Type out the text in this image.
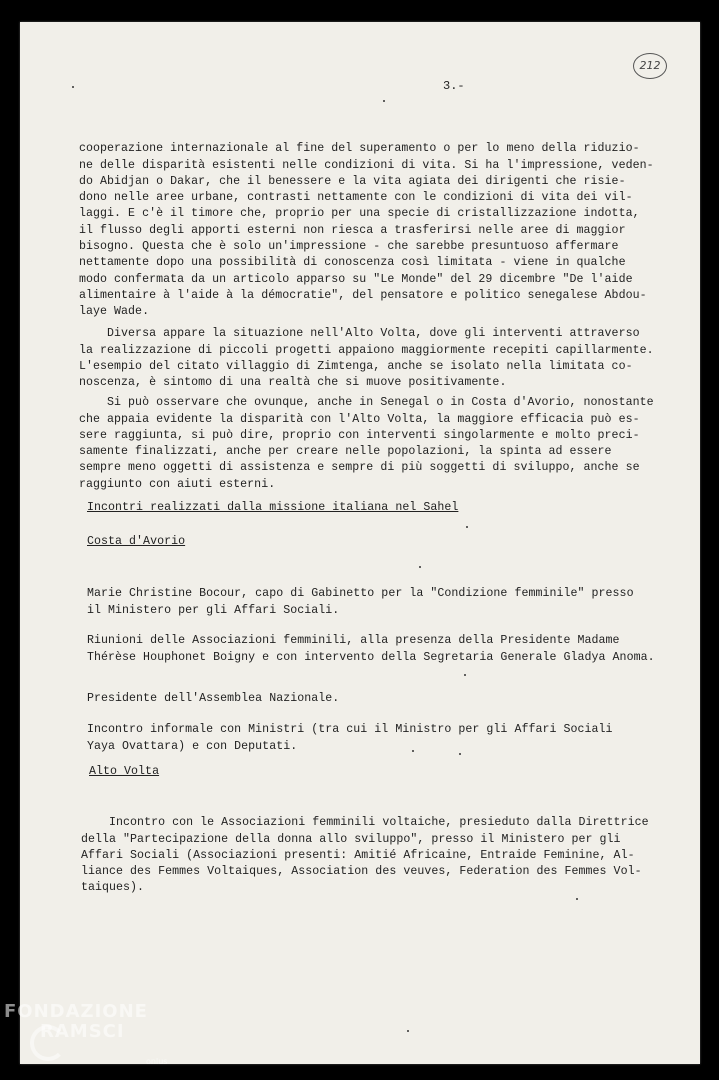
212
3.-

cooperazione internazionale al fine del superamento o per lo meno della riduzio-
ne delle disparità esistenti nelle condizioni di vita. Si ha l'impressione, veden-
do Abidjan o Dakar, che il benessere e la vita agiata dei dirigenti che risie-
dono nelle aree urbane, contrasti nettamente con le condizioni di vita dei vil-
laggi. E c'è il timore che, proprio per una specie di cristallizzazione indotta,
il flusso degli apporti esterni non riesca a trasferirsi nelle aree di maggior
bisogno. Questa che è solo un'impressione - che sarebbe presuntuoso affermare
nettamente dopo una possibilità di conoscenza così limitata - viene in qualche
modo confermata da un articolo apparso su "Le Monde" del 29 dicembre "De l'aide
alimentaire à l'aide à la démocratie", del pensatore e politico senegalese Abdou-
laye Wade.

Diversa appare la situazione nell'Alto Volta, dove gli interventi attraverso
la realizzazione di piccoli progetti appaiono maggiormente recepiti capillarmente.
L'esempio del citato villaggio di Zimtenga, anche se isolato nella limitata co-
noscenza, è sintomo di una realtà che si muove positivamente.

Si può osservare che ovunque, anche in Senegal o in Costa d'Avorio, nonostante
che appaia evidente la disparità con l'Alto Volta, la maggiore efficacia può es-
sere raggiunta, si può dire, proprio con interventi singolarmente e molto preci-
samente finalizzati, anche per creare nelle popolazioni, la spinta ad essere
sempre meno oggetti di assistenza e sempre di più soggetti di sviluppo, anche se
raggiunto con aiuti esterni.

Incontri realizzati dalla missione italiana nel Sahel
Costa d'Avorio

Marie Christine Bocour, capo di Gabinetto per la "Condizione femminile" presso
il Ministero per gli Affari Sociali.

Riunioni delle Associazioni femminili, alla presenza della Presidente Madame
Thérèse Houphonet Boigny e con intervento della Segretaria Generale Gladya Anoma.

Presidente dell'Assemblea Nazionale.

Incontro informale con Ministri (tra cui il Ministro per gli Affari Sociali
Yaya Ovattara) e con Deputati.

Alto Volta

Incontro con le Associazioni femminili voltaiche, presieduto dalla Direttrice
della "Partecipazione della donna allo sviluppo", presso il Ministero per gli
Affari Sociali (Associazioni presenti: Amitié Africaine, Entraide Feminine, Al-
liance des Femmes Voltaiques, Association des veuves, Federation des Femmes Vol-
taiques).

FONDAZIONE
RAMSCI
onlus
